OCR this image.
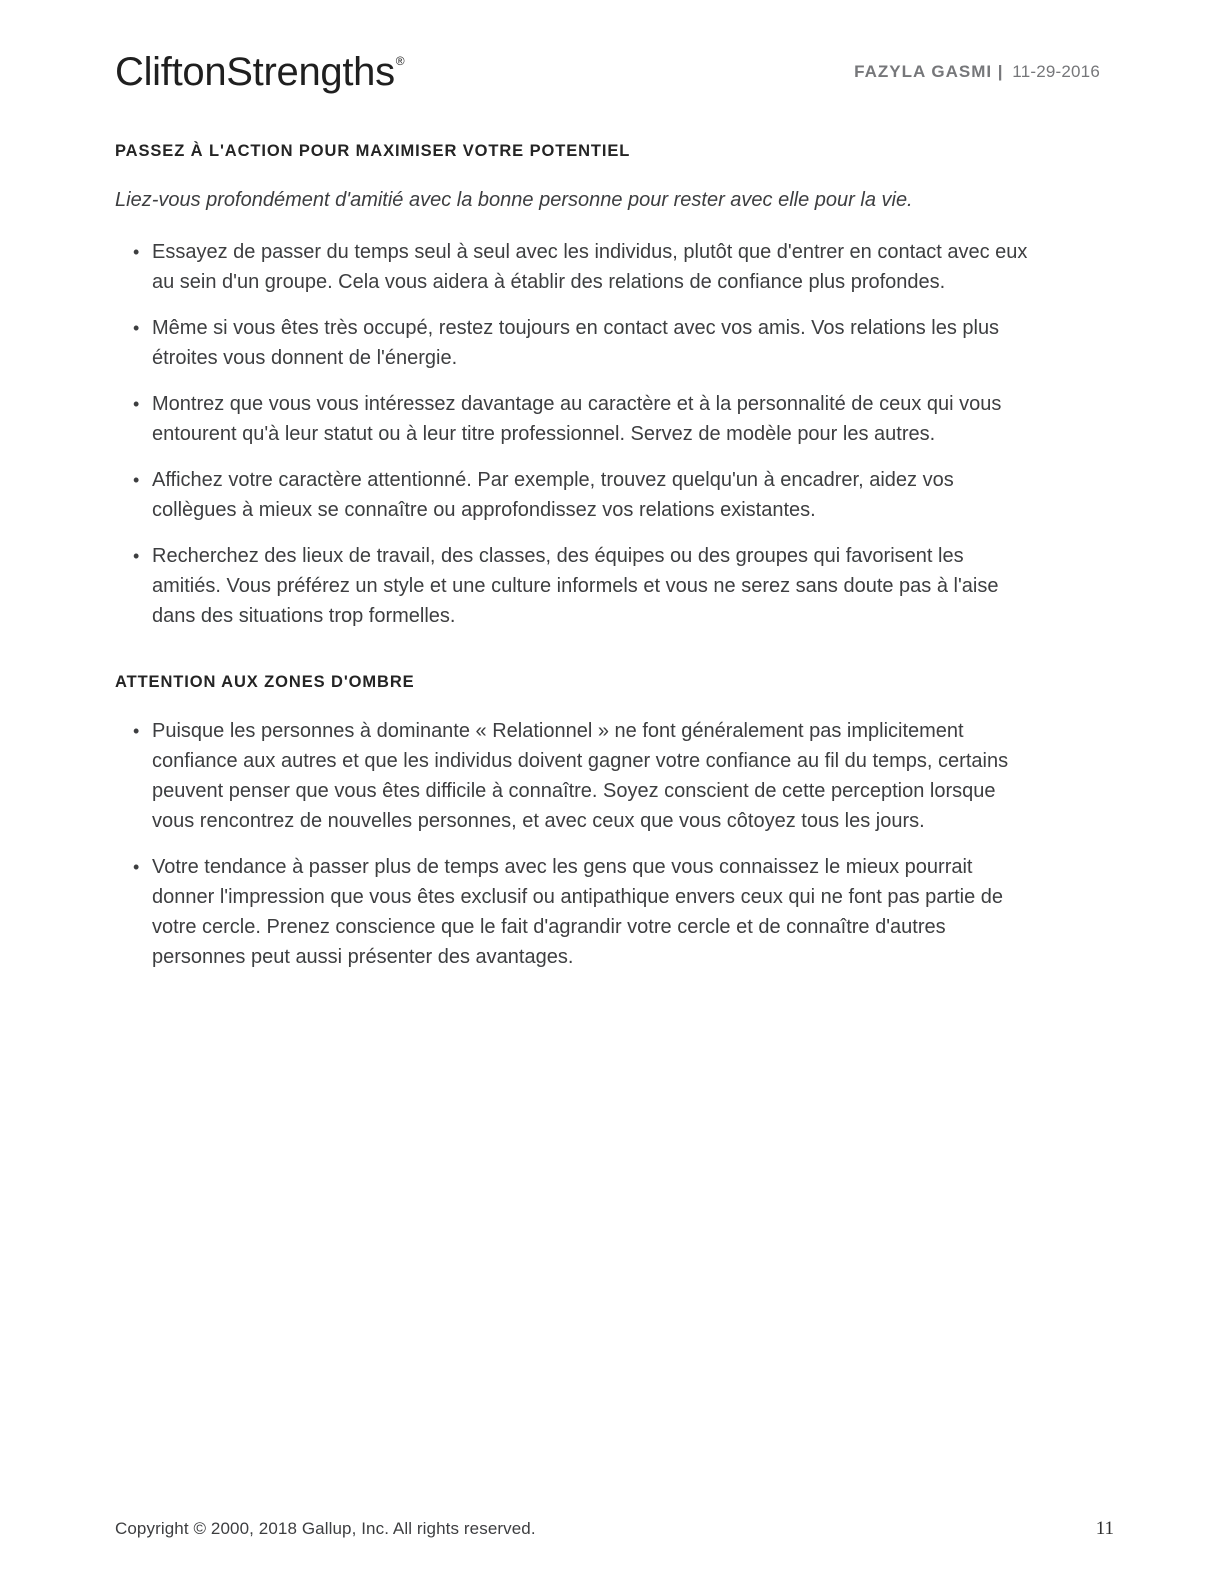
CliftonStrengths®
FAZYLA GASMI | 11-29-2016
PASSEZ À L'ACTION POUR MAXIMISER VOTRE POTENTIEL

Liez-vous profondément d'amitié avec la bonne personne pour rester avec elle pour la vie.

• Essayez de passer du temps seul à seul avec les individus, plutôt que d'entrer en contact avec eux au sein d'un groupe. Cela vous aidera à établir des relations de confiance plus profondes.
• Même si vous êtes très occupé, restez toujours en contact avec vos amis. Vos relations les plus étroites vous donnent de l'énergie.
• Montrez que vous vous intéressez davantage au caractère et à la personnalité de ceux qui vous entourent qu'à leur statut ou à leur titre professionnel. Servez de modèle pour les autres.
• Affichez votre caractère attentionné. Par exemple, trouvez quelqu'un à encadrer, aidez vos collègues à mieux se connaître ou approfondissez vos relations existantes.
• Recherchez des lieux de travail, des classes, des équipes ou des groupes qui favorisent les amitiés. Vous préférez un style et une culture informels et vous ne serez sans doute pas à l'aise dans des situations trop formelles.
ATTENTION AUX ZONES D'OMBRE
• Puisque les personnes à dominante « Relationnel » ne font généralement pas implicitement confiance aux autres et que les individus doivent gagner votre confiance au fil du temps, certains peuvent penser que vous êtes difficile à connaître. Soyez conscient de cette perception lorsque vous rencontrez de nouvelles personnes, et avec ceux que vous côtoyez tous les jours.
• Votre tendance à passer plus de temps avec les gens que vous connaissez le mieux pourrait donner l'impression que vous êtes exclusif ou antipathique envers ceux qui ne font pas partie de votre cercle. Prenez conscience que le fait d'agrandir votre cercle et de connaître d'autres personnes peut aussi présenter des avantages.
Copyright © 2000, 2018 Gallup, Inc. All rights reserved.	11
